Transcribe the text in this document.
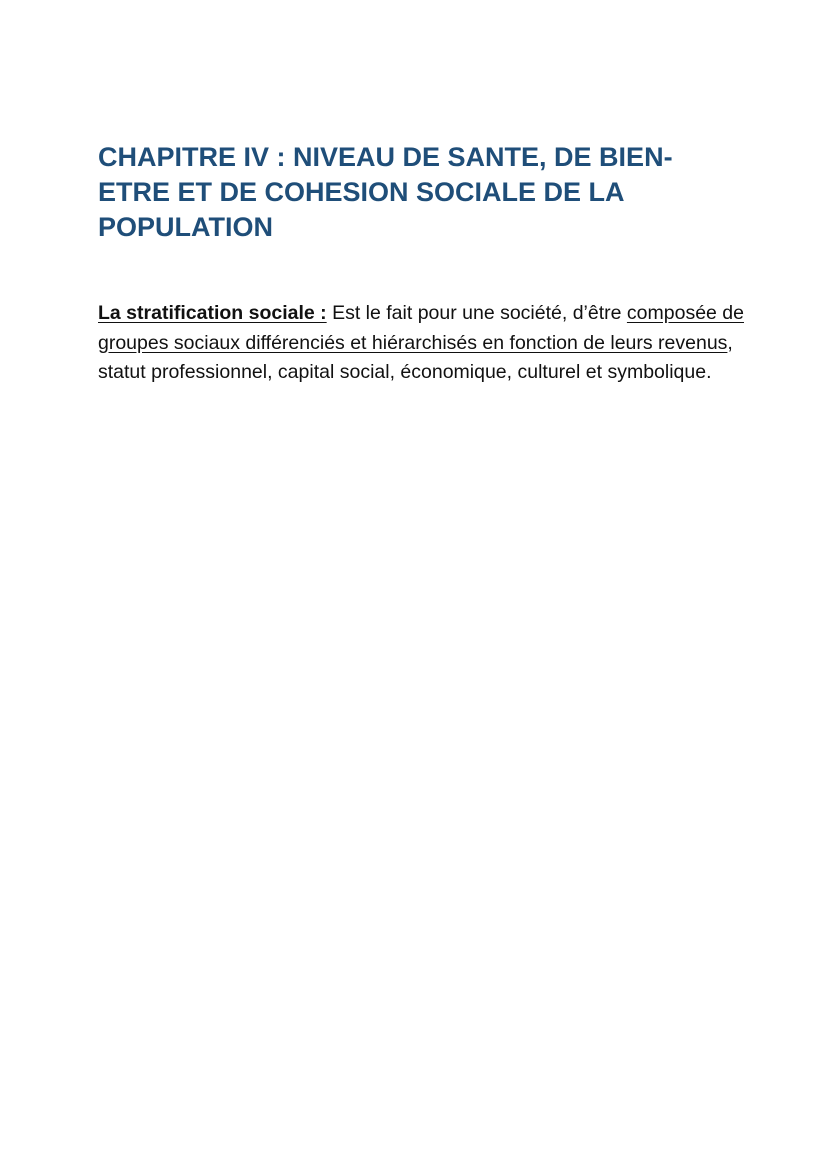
CHAPITRE IV : NIVEAU DE SANTE, DE BIEN-
ETRE ET DE COHESION SOCIALE DE LA
POPULATION

La stratification sociale : Est le fait pour une société, d’être composée de groupes sociaux différenciés et hiérarchisés en fonction de leurs revenus, statut professionnel, capital social, économique, culturel et symbolique.
